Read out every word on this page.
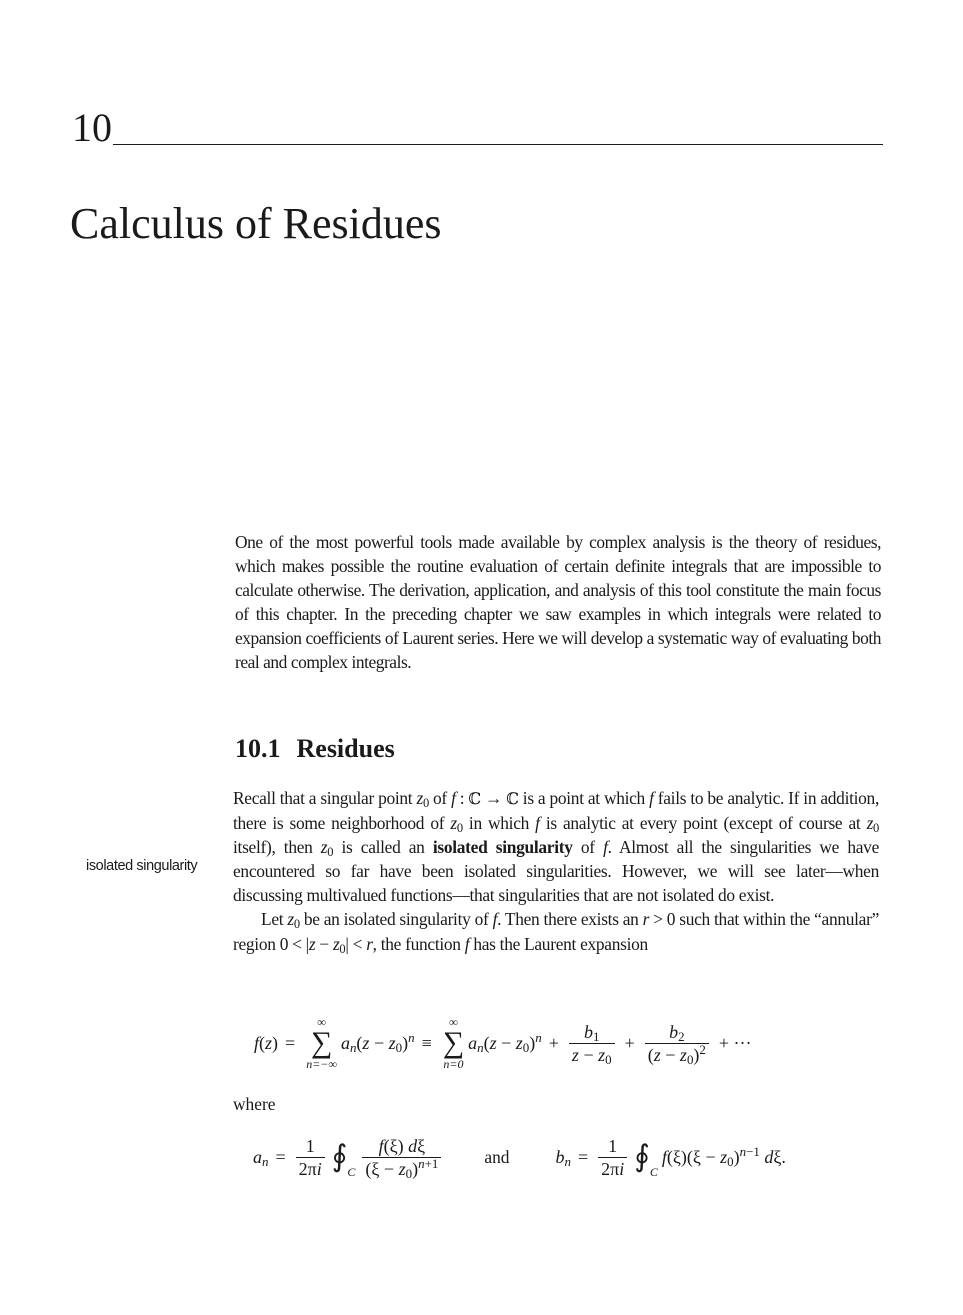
10
Calculus of Residues

One of the most powerful tools made available by complex analysis is the theory of residues, which makes possible the routine evaluation of certain definite integrals that are impossible to calculate otherwise. The derivation, application, and analysis of this tool constitute the main focus of this chapter. In the preceding chapter we saw examples in which integrals were related to expansion coefficients of Laurent series. Here we will develop a systematic way of evaluating both real and complex integrals.

10.1 Residues
isolated singularity

Recall that a singular point $z_0$ of f : ℂ → ℂ is a point at which f fails to be analytic. If in addition, there is some neighborhood of $z_0$ in which f is analytic at every point (except of course at $z_0$ itself), then $z_0$ is called an isolated singularity of f. Almost all the singularities we have encountered so far have been isolated singularities. However, we will see later—when discussing multivalued functions—that singularities that are not isolated do exist.

Let $z_0$ be an isolated singularity of f. Then there exists an r > 0 such that within the “annular” region $0 < |z - z_0| < r$, the function f has the Laurent expansion

f(z) =
∞
∑
n=−∞
$a_n(z - z_0)^n$ ≡
∞
∑
n=0
$a_n(z - z_0)^n + \frac{b_1}{z - z_0} + \frac{b_2}{(z - z_0)^2}$ + ···
where
$a_n = \frac{1}{2\pi i}$ ∮ C $\frac{f(\xi) d\xi}{(\xi - z_0)^{n+1}}$ and	$b_n = \frac{1}{2\pi i}$ ∮ C
$f(\xi)(\xi - z_0)^{n-1}$ dξ.
